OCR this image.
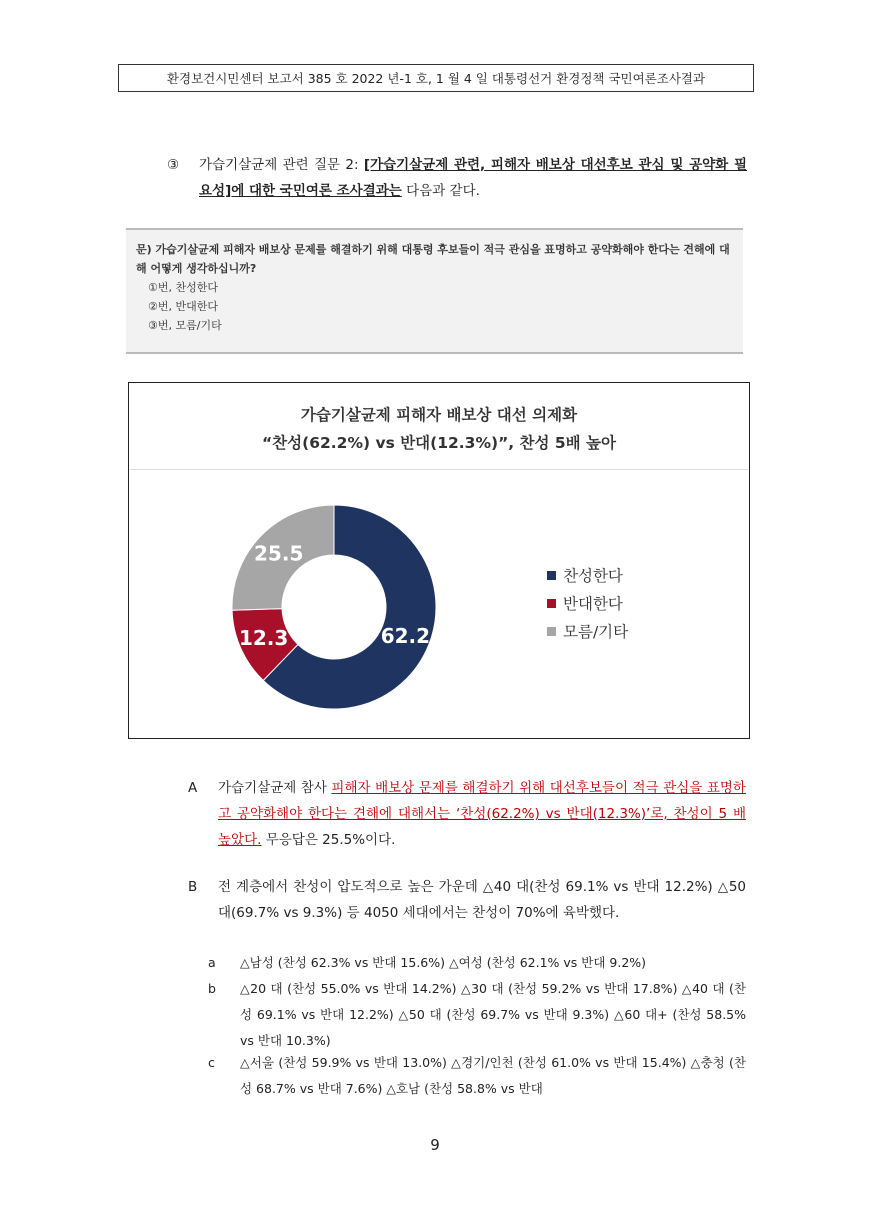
환경보건시민센터 보고서 385 호 2022 년-1 호, 1 월 4 일 대통령선거 환경정책 국민여론조사결과
③ 가습기살균제 관련 질문 2: [가습기살균제 관련, 피해자 배보상 대선후보 관심 및 공약화 필요성]에 대한 국민여론 조사결과는 다음과 같다.
문) 가습기살균제 피해자 배보상 문제를 해결하기 위해 대통령 후보들이 적극 관심을 표명하고 공약화해야 한다는 견해에 대해 어떻게 생각하십니까?
①번, 찬성한다
②번, 반대한다
③번, 모름/기타
가습기살균제 피해자 배보상 대선 의제화
“찬성(62.2%) vs 반대(12.3%)”, 찬성 5배 높아
62.2
12.3
25.5
찬성한다
반대한다
모름/기타
A 가습기살균제 참사 피해자 배보상 문제를 해결하기 위해 대선후보들이 적극 관심을 표명하고 공약화해야 한다는 견해에 대해서는 ‘찬성(62.2%) vs 반대(12.3%)’로, 찬성이 5 배 높았다. 무응답은 25.5%이다.
B 전 계층에서 찬성이 압도적으로 높은 가운데 △40 대(찬성 69.1% vs 반대 12.2%) △50 대(69.7% vs 9.3%) 등 4050 세대에서는 찬성이 70%에 육박했다.
a △남성 (찬성 62.3% vs 반대 15.6%) △여성 (찬성 62.1% vs 반대 9.2%)
b △20 대 (찬성 55.0% vs 반대 14.2%) △30 대 (찬성 59.2% vs 반대 17.8%) △40 대 (찬성 69.1% vs 반대 12.2%) △50 대 (찬성 69.7% vs 반대 9.3%) △60 대+ (찬성 58.5% vs 반대 10.3%)
c △서울 (찬성 59.9% vs 반대 13.0%) △경기/인천 (찬성 61.0% vs 반대 15.4%) △충청 (찬성 68.7% vs 반대 7.6%) △호남 (찬성 58.8% vs 반대
9
